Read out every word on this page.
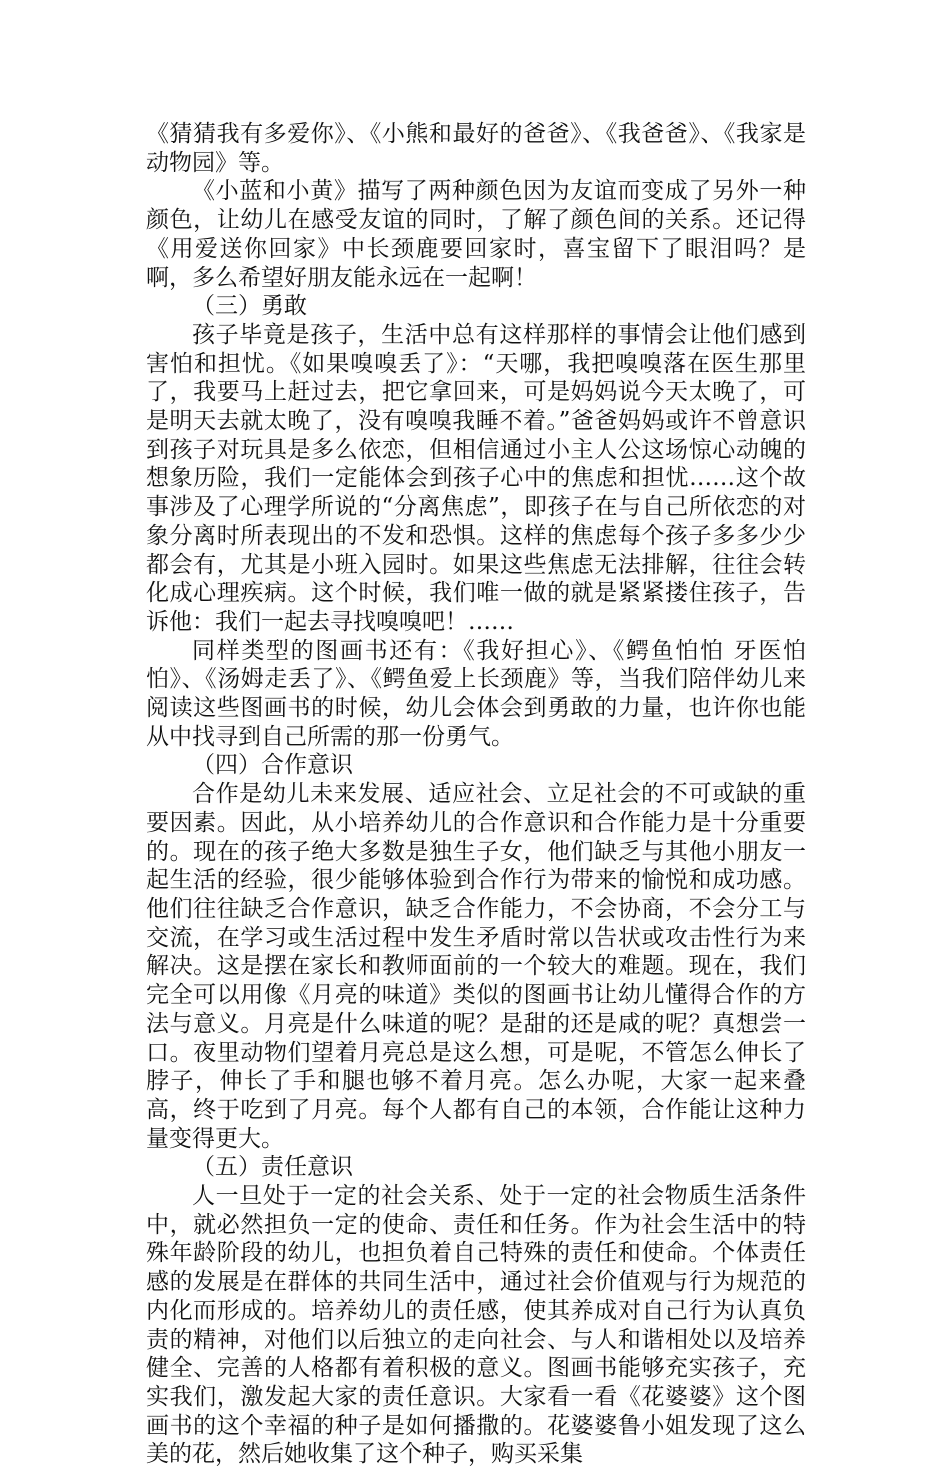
《猜猜我有多爱你》、《小熊和最好的爸爸》、《我爸爸》、《我家是动物园》等。

《小蓝和小黄》描写了两种颜色因为友谊而变成了另外一种颜色，让幼儿在感受友谊的同时，了解了颜色间的关系。还记得《用爱送你回家》中长颈鹿要回家时，喜宝留下了眼泪吗？是啊，多么希望好朋友能永远在一起啊！

（三）勇敢

孩子毕竟是孩子，生活中总有这样那样的事情会让他们感到害怕和担忧。《如果嗅嗅丢了》：“天哪，我把嗅嗅落在医生那里了，我要马上赶过去，把它拿回来，可是妈妈说今天太晚了，可是明天去就太晚了，没有嗅嗅我睡不着。”爸爸妈妈或许不曾意识到孩子对玩具是多么依恋，但相信通过小主人公这场惊心动魄的想象历险，我们一定能体会到孩子心中的焦虑和担忧……这个故事涉及了心理学所说的“分离焦虑”，即孩子在与自己所依恋的对象分离时所表现出的不发和恐惧。这样的焦虑每个孩子多多少少都会有，尤其是小班入园时。如果这些焦虑无法排解，往往会转化成心理疾病。这个时候，我们唯一做的就是紧紧搂住孩子，告诉他：我们一起去寻找嗅嗅吧！……

同样类型的图画书还有：《我好担心》、《鳄鱼怕怕 牙医怕怕》、《汤姆走丢了》、《鳄鱼爱上长颈鹿》等，当我们陪伴幼儿来阅读这些图画书的时候，幼儿会体会到勇敢的力量，也许你也能从中找寻到自己所需的那一份勇气。

（四）合作意识

合作是幼儿未来发展、适应社会、立足社会的不可或缺的重要因素。因此，从小培养幼儿的合作意识和合作能力是十分重要的。现在的孩子绝大多数是独生子女，他们缺乏与其他小朋友一起生活的经验，很少能够体验到合作行为带来的愉悦和成功感。他们往往缺乏合作意识，缺乏合作能力，不会协商，不会分工与交流，在学习或生活过程中发生矛盾时常以告状或攻击性行为来解决。这是摆在家长和教师面前的一个较大的难题。现在，我们完全可以用像《月亮的味道》类似的图画书让幼儿懂得合作的方法与意义。月亮是什么味道的呢？是甜的还是咸的呢？真想尝一口。夜里动物们望着月亮总是这么想，可是呢，不管怎么伸长了脖子，伸长了手和腿也够不着月亮。怎么办呢，大家一起来叠高，终于吃到了月亮。每个人都有自己的本领，合作能让这种力量变得更大。

（五）责任意识

人一旦处于一定的社会关系、处于一定的社会物质生活条件中，就必然担负一定的使命、责任和任务。作为社会生活中的特殊年龄阶段的幼儿，也担负着自己特殊的责任和使命。个体责任感的发展是在群体的共同生活中，通过社会价值观与行为规范的内化而形成的。培养幼儿的责任感，使其养成对自己行为认真负责的精神，对他们以后独立的走向社会、与人和谐相处以及培养健全、完善的人格都有着积极的意义。图画书能够充实孩子，充实我们，激发起大家的责任意识。大家看一看《花婆婆》这个图画书的这个幸福的种子是如何播撒的。花婆婆鲁小姐发现了这么美的花，然后她收集了这个种子，购买采集
